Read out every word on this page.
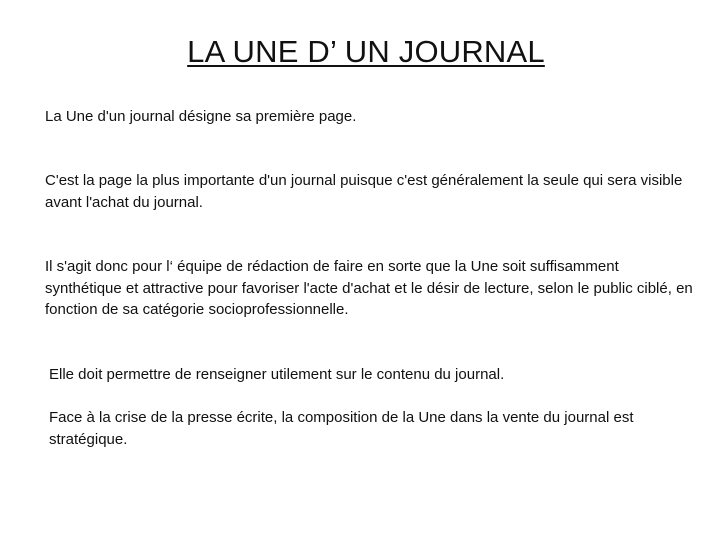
LA UNE D’ UN JOURNAL

La Une d'un journal désigne sa première page.

C'est la page la plus importante d'un journal puisque c'est généralement la seule qui sera visible avant l'achat du journal.

Il s'agit donc pour l‘ équipe de rédaction de faire en sorte que la Une soit suffisamment synthétique et attractive pour favoriser l'acte d'achat et le désir de lecture, selon le public ciblé, en fonction de sa catégorie socioprofessionnelle.

Elle doit permettre de renseigner utilement sur le contenu du journal.

Face à la crise de la presse écrite, la composition de la Une dans la vente du journal est stratégique.
